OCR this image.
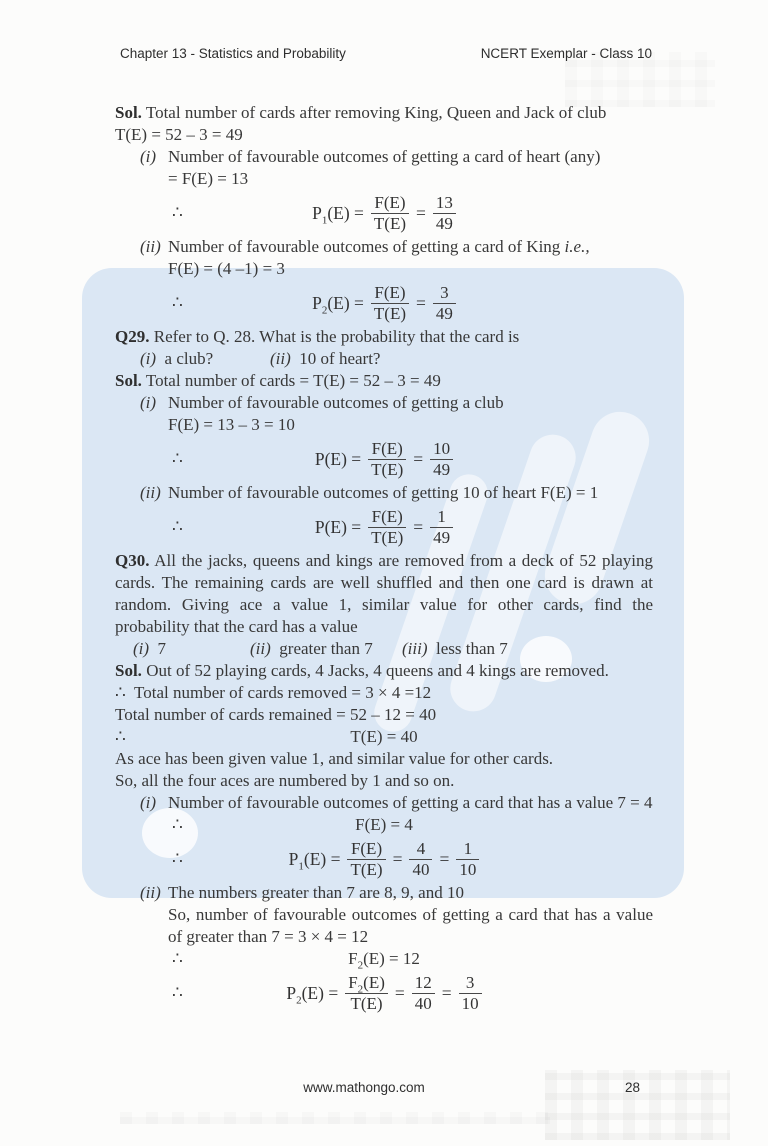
Chapter 13 - Statistics and Probability	NCERT Exemplar - Class 10
Sol. Total number of cards after removing King, Queen and Jack of club
T(E) = 52 – 3 = 49
(i) Number of favourable outcomes of getting a card of heart (any)
= F(E) = 13
∴	$P_1(E) = \frac{F(E)}{T(E)} = \frac{13}{49}$
(ii) Number of favourable outcomes of getting a card of King i.e.,
F(E) = (4 –1) = 3
∴	$P_2(E) = \frac{F(E)}{T(E)} = \frac{3}{49}$
Q29. Refer to Q. 28. What is the probability that the card is
(i) a club?	(ii) 10 of heart?
Sol. Total number of cards = T(E) = 52 – 3 = 49
(i) Number of favourable outcomes of getting a club
F(E) = 13 – 3 = 10
∴	$P(E) = \frac{F(E)}{T(E)} = \frac{10}{49}$
(ii) Number of favourable outcomes of getting 10 of heart F(E) = 1
∴	$P(E) = \frac{F(E)}{T(E)} = \frac{1}{49}$
Q30. All the jacks, queens and kings are removed from a deck of 52 playing cards. The remaining cards are well shuffled and then one card is drawn at random. Giving ace a value 1, similar value for other cards, find the probability that the card has a value
(i) 7	(ii) greater than 7	(iii) less than 7
Sol. Out of 52 playing cards, 4 Jacks, 4 queens and 4 kings are removed.
∴ Total number of cards removed = 3 × 4 =12
Total number of cards remained = 52 – 12 = 40
∴	T(E) = 40
As ace has been given value 1, and similar value for other cards.
So, all the four aces are numbered by 1 and so on.
(i) Number of favourable outcomes of getting a card that has a value 7 = 4
∴	F(E) = 4
∴	$P_1(E) = \frac{F(E)}{T(E)} = \frac{4}{40} = \frac{1}{10}$
(ii) The numbers greater than 7 are 8, 9, and 10
So, number of favourable outcomes of getting a card that has a value of greater than 7 = 3 × 4 = 12
∴	$F_2(E) = 12$
∴	$P_2(E) = \frac{F_2(E)}{T(E)} = \frac{12}{40} = \frac{3}{10}$
www.mathongo.com	28
